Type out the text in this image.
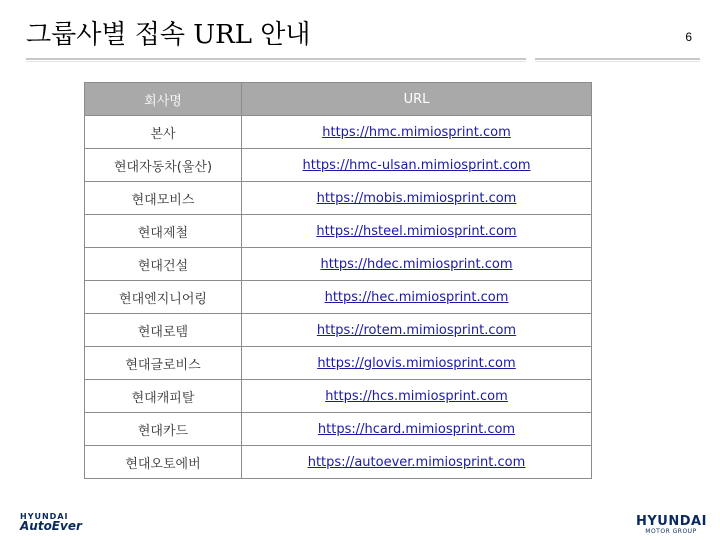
그룹사별 접속 URL 안내	6
회사명	URL
본사	https://hmc.mimiosprint.com
현대자동차(울산)	https://hmc-ulsan.mimiosprint.com
현대모비스	https://mobis.mimiosprint.com
현대제철	https://hsteel.mimiosprint.com
현대건설	https://hdec.mimiosprint.com
현대엔지니어링	https://hec.mimiosprint.com
현대로템	https://rotem.mimiosprint.com
현대글로비스	https://glovis.mimiosprint.com
현대캐피탈	https://hcs.mimiosprint.com
현대카드	https://hcard.mimiosprint.com
현대오토에버	https://autoever.mimiosprint.com
HYUNDAI
AutoEver	HYUNDAI
MOTOR GROUP
